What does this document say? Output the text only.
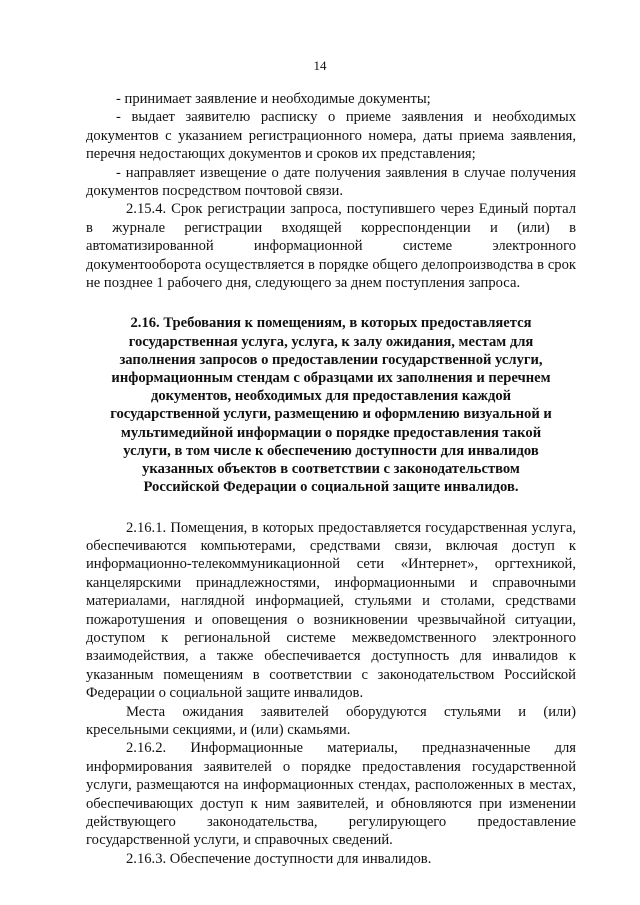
14

- принимает заявление и необходимые документы;

- выдает заявителю расписку о приеме заявления и необходимых документов с указанием регистрационного номера, даты приема заявления, перечня недостающих документов и сроков их представления;

- направляет извещение о дате получения заявления в случае получения документов посредством почтовой связи.

2.15.4. Срок регистрации запроса, поступившего через Единый портал в журнале регистрации входящей корреспонденции и (или) в автоматизированной информационной системе электронного документооборота осуществляется в порядке общего делопроизводства в срок не позднее 1 рабочего дня, следующего за днем поступления запроса.

2.16. Требования к помещениям, в которых предоставляется государственная услуга, услуга, к залу ожидания, местам для заполнения запросов о предоставлении государственной услуги, информационным стендам с образцами их заполнения и перечнем документов, необходимых для предоставления каждой государственной услуги, размещению и оформлению визуальной и мультимедийной информации о порядке предоставления такой услуги, в том числе к обеспечению доступности для инвалидов указанных объектов в соответствии с законодательством Российской Федерации о социальной защите инвалидов.

2.16.1. Помещения, в которых предоставляется государственная услуга, обеспечиваются компьютерами, средствами связи, включая доступ к информационно-телекоммуникационной сети «Интернет», оргтехникой, канцелярскими принадлежностями, информационными и справочными материалами, наглядной информацией, стульями и столами, средствами пожаротушения и оповещения о возникновении чрезвычайной ситуации, доступом к региональной системе межведомственного электронного взаимодействия, а также обеспечивается доступность для инвалидов к указанным помещениям в соответствии с законодательством Российской Федерации о социальной защите инвалидов.

Места ожидания заявителей оборудуются стульями и (или) кресельными секциями, и (или) скамьями.

2.16.2. Информационные материалы, предназначенные для информирования заявителей о порядке предоставления государственной услуги, размещаются на информационных стендах, расположенных в местах, обеспечивающих доступ к ним заявителей, и обновляются при изменении действующего законодательства, регулирующего предоставление государственной услуги, и справочных сведений.

2.16.3. Обеспечение доступности для инвалидов.
